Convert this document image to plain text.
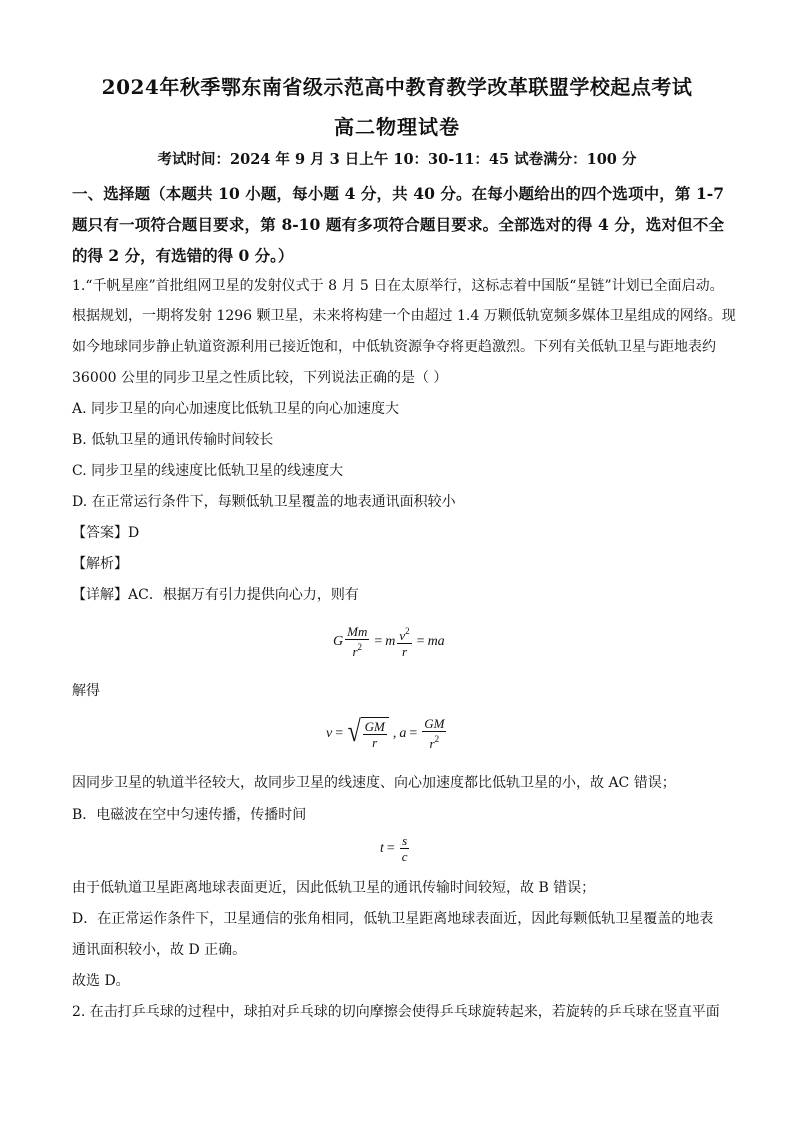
2024年秋季鄂东南省级示范高中教育教学改革联盟学校起点考试
高二物理试卷
考试时间：2024 年 9 月 3 日上午 10：30-11：45 试卷满分：100 分
一、选择题（本题共 10 小题，每小题 4 分，共 40 分。在每小题给出的四个选项中，第 1-7 题只有一项符合题目要求，第 8-10 题有多项符合题目要求。全部选对的得 4 分，选对但不全的得 2 分，有选错的得 0 分。）
1.“千帆星座”首批组网卫星的发射仪式于 8 月 5 日在太原举行，这标志着中国版“星链”计划已全面启动。
根据规划，一期将发射 1296 颗卫星，未来将构建一个由超过 1.4 万颗低轨宽频多媒体卫星组成的网络。现
如今地球同步静止轨道资源利用已接近饱和，中低轨资源争夺将更趋激烈。下列有关低轨卫星与距地表约
36000 公里的同步卫星之性质比较，下列说法正确的是（ ）
A. 同步卫星的向心加速度比低轨卫星的向心加速度大
B. 低轨卫星的通讯传输时间较长
C. 同步卫星的线速度比低轨卫星的线速度大
D. 在正常运行条件下，每颗低轨卫星覆盖的地表通讯面积较小
【答案】D
【解析】
【详解】AC．根据万有引力提供向心力，则有
G $\frac{Mm}{r^2} = m \frac{v^2}{r}$ = ma
解得
v = √ $\frac{GM}{r}$ , $a = \frac{GM}{r^2}$
因同步卫星的轨道半径较大，故同步卫星的线速度、向心加速度都比低轨卫星的小，故 AC 错误；
B．电磁波在空中匀速传播，传播时间
$t = \frac{s}{c}$
由于低轨道卫星距离地球表面更近，因此低轨卫星的通讯传输时间较短，故 B 错误；
D．在正常运作条件下，卫星通信的张角相同，低轨卫星距离地球表面近，因此每颗低轨卫星覆盖的地表
通讯面积较小，故 D 正确。
故选 D。
2. 在击打乒乓球的过程中，球拍对乒乓球的切向摩擦会使得乒乓球旋转起来，若旋转的乒乓球在竖直平面
